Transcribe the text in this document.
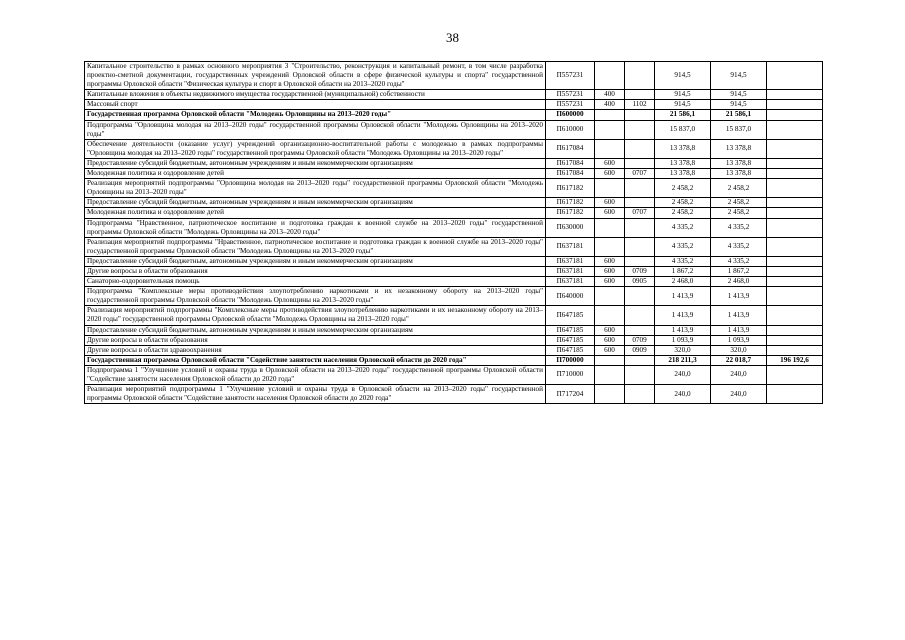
38
Капитальное строительство в рамках основного мероприятия 3 "Строительство, реконструкция и капитальный ремонт, в том числе разработка проектно-сметной документации, государственных учреждений Орловской области в сфере физической культуры и спорта" государственной программы Орловской области "Физическая культура и спорт в Орловской области на 2013–2020 годы"	П557231			914,5	914,5	
Капитальные вложения в объекты недвижимого имущества государственной (муниципальной) собственности	П557231	400		914,5	914,5	
Массовый спорт	П557231	400	1102	914,5	914,5	
Государственная программа Орловской области "Молодежь Орловщины на 2013–2020 годы"	П600000			21 586,1	21 586,1	
Подпрограмма "Орловщина молодая на 2013–2020 годы" государственной программы Орловской области "Молодежь Орловщины на 2013–2020 годы"	П610000			15 837,0	15 837,0	
Обеспечение деятельности (оказание услуг) учреждений организационно-воспитательной работы с молодежью в рамках подпрограммы "Орловщина молодая на 2013–2020 годы" государственной программы Орловской области "Молодежь Орловщины на 2013–2020 годы"	П617084			13 378,8	13 378,8	
Предоставление субсидий бюджетным, автономным учреждениям и иным некоммерческим организациям	П617084	600		13 378,8	13 378,8	
Молодежная политика и оздоровление детей	П617084	600	0707	13 378,8	13 378,8	
Реализация мероприятий подпрограммы "Орловщина молодая на 2013–2020 годы" государственной программы Орловской области "Молодежь Орловщины на 2013–2020 годы"	П617182			2 458,2	2 458,2	
Предоставление субсидий бюджетным, автономным учреждениям и иным некоммерческим организациям	П617182	600		2 458,2	2 458,2	
Молодежная политика и оздоровление детей	П617182	600	0707	2 458,2	2 458,2	
Подпрограмма "Нравственное, патриотическое воспитание и подготовка граждан к военной службе на 2013–2020 годы" государственной программы Орловской области "Молодежь Орловщины на 2013–2020 годы"	П630000			4 335,2	4 335,2	
Реализация мероприятий подпрограммы "Нравственное, патриотическое воспитание и подготовка граждан к военной службе на 2013–2020 годы" государственной программы Орловской области "Молодежь Орловщины на 2013–2020 годы"	П637181			4 335,2	4 335,2	
Предоставление субсидий бюджетным, автономным учреждениям и иным некоммерческим организациям	П637181	600		4 335,2	4 335,2	
Другие вопросы в области образования	П637181	600	0709	1 867,2	1 867,2	
Санаторно-оздоровительная помощь	П637181	600	0905	2 468,0	2 468,0	
Подпрограмма "Комплексные меры противодействия злоупотреблению наркотиками и их незаконному обороту на 2013–2020 годы" государственной программы Орловской области "Молодежь Орловщины на 2013–2020 годы"	П640000			1 413,9	1 413,9	
Реализация мероприятий подпрограммы "Комплексные меры противодействия злоупотреблению наркотиками и их незаконному обороту на 2013–2020 годы" государственной программы Орловской области "Молодежь Орловщины на 2013–2020 годы"	П647185			1 413,9	1 413,9	
Предоставление субсидий бюджетным, автономным учреждениям и иным некоммерческим организациям	П647185	600		1 413,9	1 413,9	
Другие вопросы в области образования	П647185	600	0709	1 093,9	1 093,9	
Другие вопросы в области здравоохранения	П647185	600	0909	320,0	320,0	
Государственная программа Орловской области "Содействие занятости населения Орловской области до 2020 года"	П700000			218 211,3	22 018,7	196 192,6
Подпрограмма 1 "Улучшение условий и охраны труда в Орловской области на 2013–2020 годы" государственной программы Орловской области "Содействие занятости населения Орловской области до 2020 года"	П710000			240,0	240,0	
Реализация мероприятий подпрограммы 1 "Улучшение условий и охраны труда в Орловской области на 2013–2020 годы" государственной программы Орловской области "Содействие занятости населения Орловской области до 2020 года"	П717204			240,0	240,0	
